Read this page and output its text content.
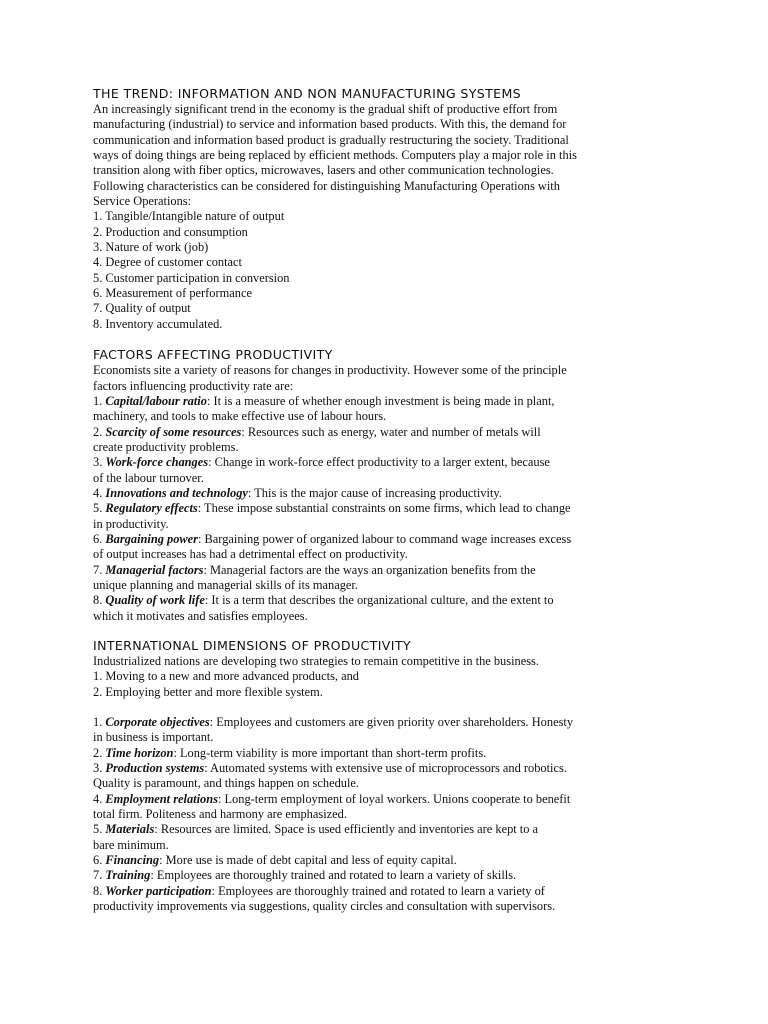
THE TREND: INFORMATION AND NON MANUFACTURING SYSTEMS
An increasingly significant trend in the economy is the gradual shift of productive effort from
manufacturing (industrial) to service and information based products. With this, the demand for
communication and information based product is gradually restructuring the society. Traditional
ways of doing things are being replaced by efficient methods. Computers play a major role in this
transition along with fiber optics, microwaves, lasers and other communication technologies.
Following characteristics can be considered for distinguishing Manufacturing Operations with
Service Operations:
1. Tangible/Intangible nature of output
2. Production and consumption
3. Nature of work (job)
4. Degree of customer contact
5. Customer participation in conversion
6. Measurement of performance
7. Quality of output
8. Inventory accumulated.
FACTORS AFFECTING PRODUCTIVITY
Economists site a variety of reasons for changes in productivity. However some of the principle
factors influencing productivity rate are:
1. Capital/labour ratio: It is a measure of whether enough investment is being made in plant,
machinery, and tools to make effective use of labour hours.
2. Scarcity of some resources: Resources such as energy, water and number of metals will
create productivity problems.
3. Work-force changes: Change in work-force effect productivity to a larger extent, because
of the labour turnover.
4. Innovations and technology: This is the major cause of increasing productivity.
5. Regulatory effects: These impose substantial constraints on some firms, which lead to change
in productivity.
6. Bargaining power: Bargaining power of organized labour to command wage increases excess
of output increases has had a detrimental effect on productivity.
7. Managerial factors: Managerial factors are the ways an organization benefits from the
unique planning and managerial skills of its manager.
8. Quality of work life: It is a term that describes the organizational culture, and the extent to
which it motivates and satisfies employees.
INTERNATIONAL DIMENSIONS OF PRODUCTIVITY
Industrialized nations are developing two strategies to remain competitive in the business.
1. Moving to a new and more advanced products, and
2. Employing better and more flexible system.
1. Corporate objectives: Employees and customers are given priority over shareholders. Honesty
in business is important.
2. Time horizon: Long-term viability is more important than short-term profits.
3. Production systems: Automated systems with extensive use of microprocessors and robotics.
Quality is paramount, and things happen on schedule.
4. Employment relations: Long-term employment of loyal workers. Unions cooperate to benefit
total firm. Politeness and harmony are emphasized.
5. Materials: Resources are limited. Space is used efficiently and inventories are kept to a
bare minimum.
6. Financing: More use is made of debt capital and less of equity capital.
7. Training: Employees are thoroughly trained and rotated to learn a variety of skills.
8. Worker participation: Employees are thoroughly trained and rotated to learn a variety of
productivity improvements via suggestions, quality circles and consultation with supervisors.
